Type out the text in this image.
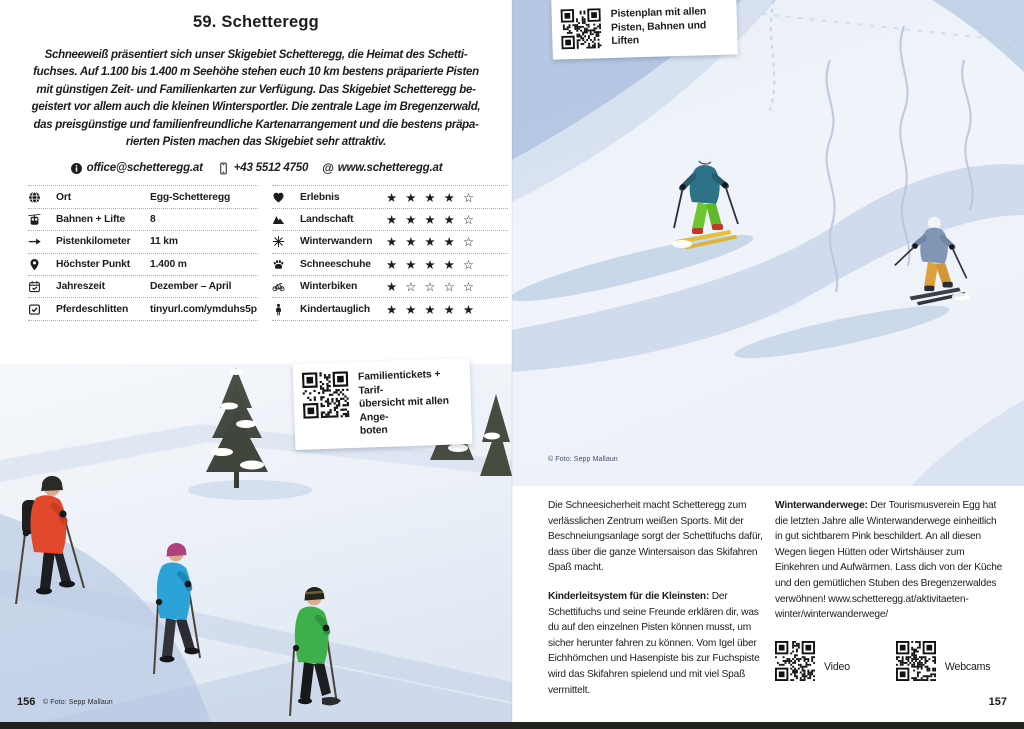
59. Schetteregg
Schneeweiß präsentiert sich unser Skigebiet Schetteregg, die Heimat des Schetti-
fuchses. Auf 1.100 bis 1.400 m Seehöhe stehen euch 10 km bestens präparierte Pisten
mit günstigen Zeit- und Familienkarten zur Verfügung. Das Skigebiet Schetteregg be-
geistert vor allem auch die kleinen Wintersportler. Die zentrale Lage im Bregenzerwald,
das preisgünstige und familienfreundliche Kartenarrangement und die bestens präpa-
rierten Pisten machen das Skigebiet sehr attraktiv.
office@schetteregg.at	+43 5512 4750 @ www.schetteregg.at
Ort	Egg-Schetteregg
Bahnen + Lifte	8
Pistenkilometer	11 km
Höchster Punkt	1.400 m
Jahreszeit	Dezember – April
Pferdeschlitten	tinyurl.com/ymduhs5p
Erlebnis	★★★★☆
Landschaft	★★★★☆
Winterwandern	★★★★☆
Schneeschuhe	★★★★☆
Winterbiken	★☆☆☆☆
Kindertauglich	★★★★★
Familientickets + Tarif-
übersicht mit allen Ange-
boten
156 © Foto: Sepp Mallaun
Pistenplan mit allen
Pisten, Bahnen und
Liften
© Foto: Sepp Mallaun

Die Schneesicherheit macht Schetteregg zum verlässlichen Zentrum weißen Sports. Mit der Beschneiungsanlage sorgt der Schettifuchs dafür, dass über die ganze Wintersaison das Skifahren Spaß macht.

Kinderleitsystem für die Kleinsten: Der Schettifuchs und seine Freunde erklären dir, was du auf den einzelnen Pisten können musst, um sicher herunter fahren zu können. Vom Igel über Eichhörnchen und Hasenpiste bis zur Fuchspiste wird das Skifahren spielend und mit viel Spaß vermittelt.

Winterwanderwege: Der Tourismusverein Egg hat die letzten Jahre alle Winterwanderwege einheitlich in gut sichtbarem Pink beschildert. An all diesen Wegen liegen Hütten oder Wirtshäuser zum Einkehren und Aufwärmen. Lass dich von der Küche und den gemütlichen Stuben des Bregenzerwaldes verwöhnen! www.schetteregg.at/aktivitaeten-winter/winterwanderwege/

Video	Webcams
157
